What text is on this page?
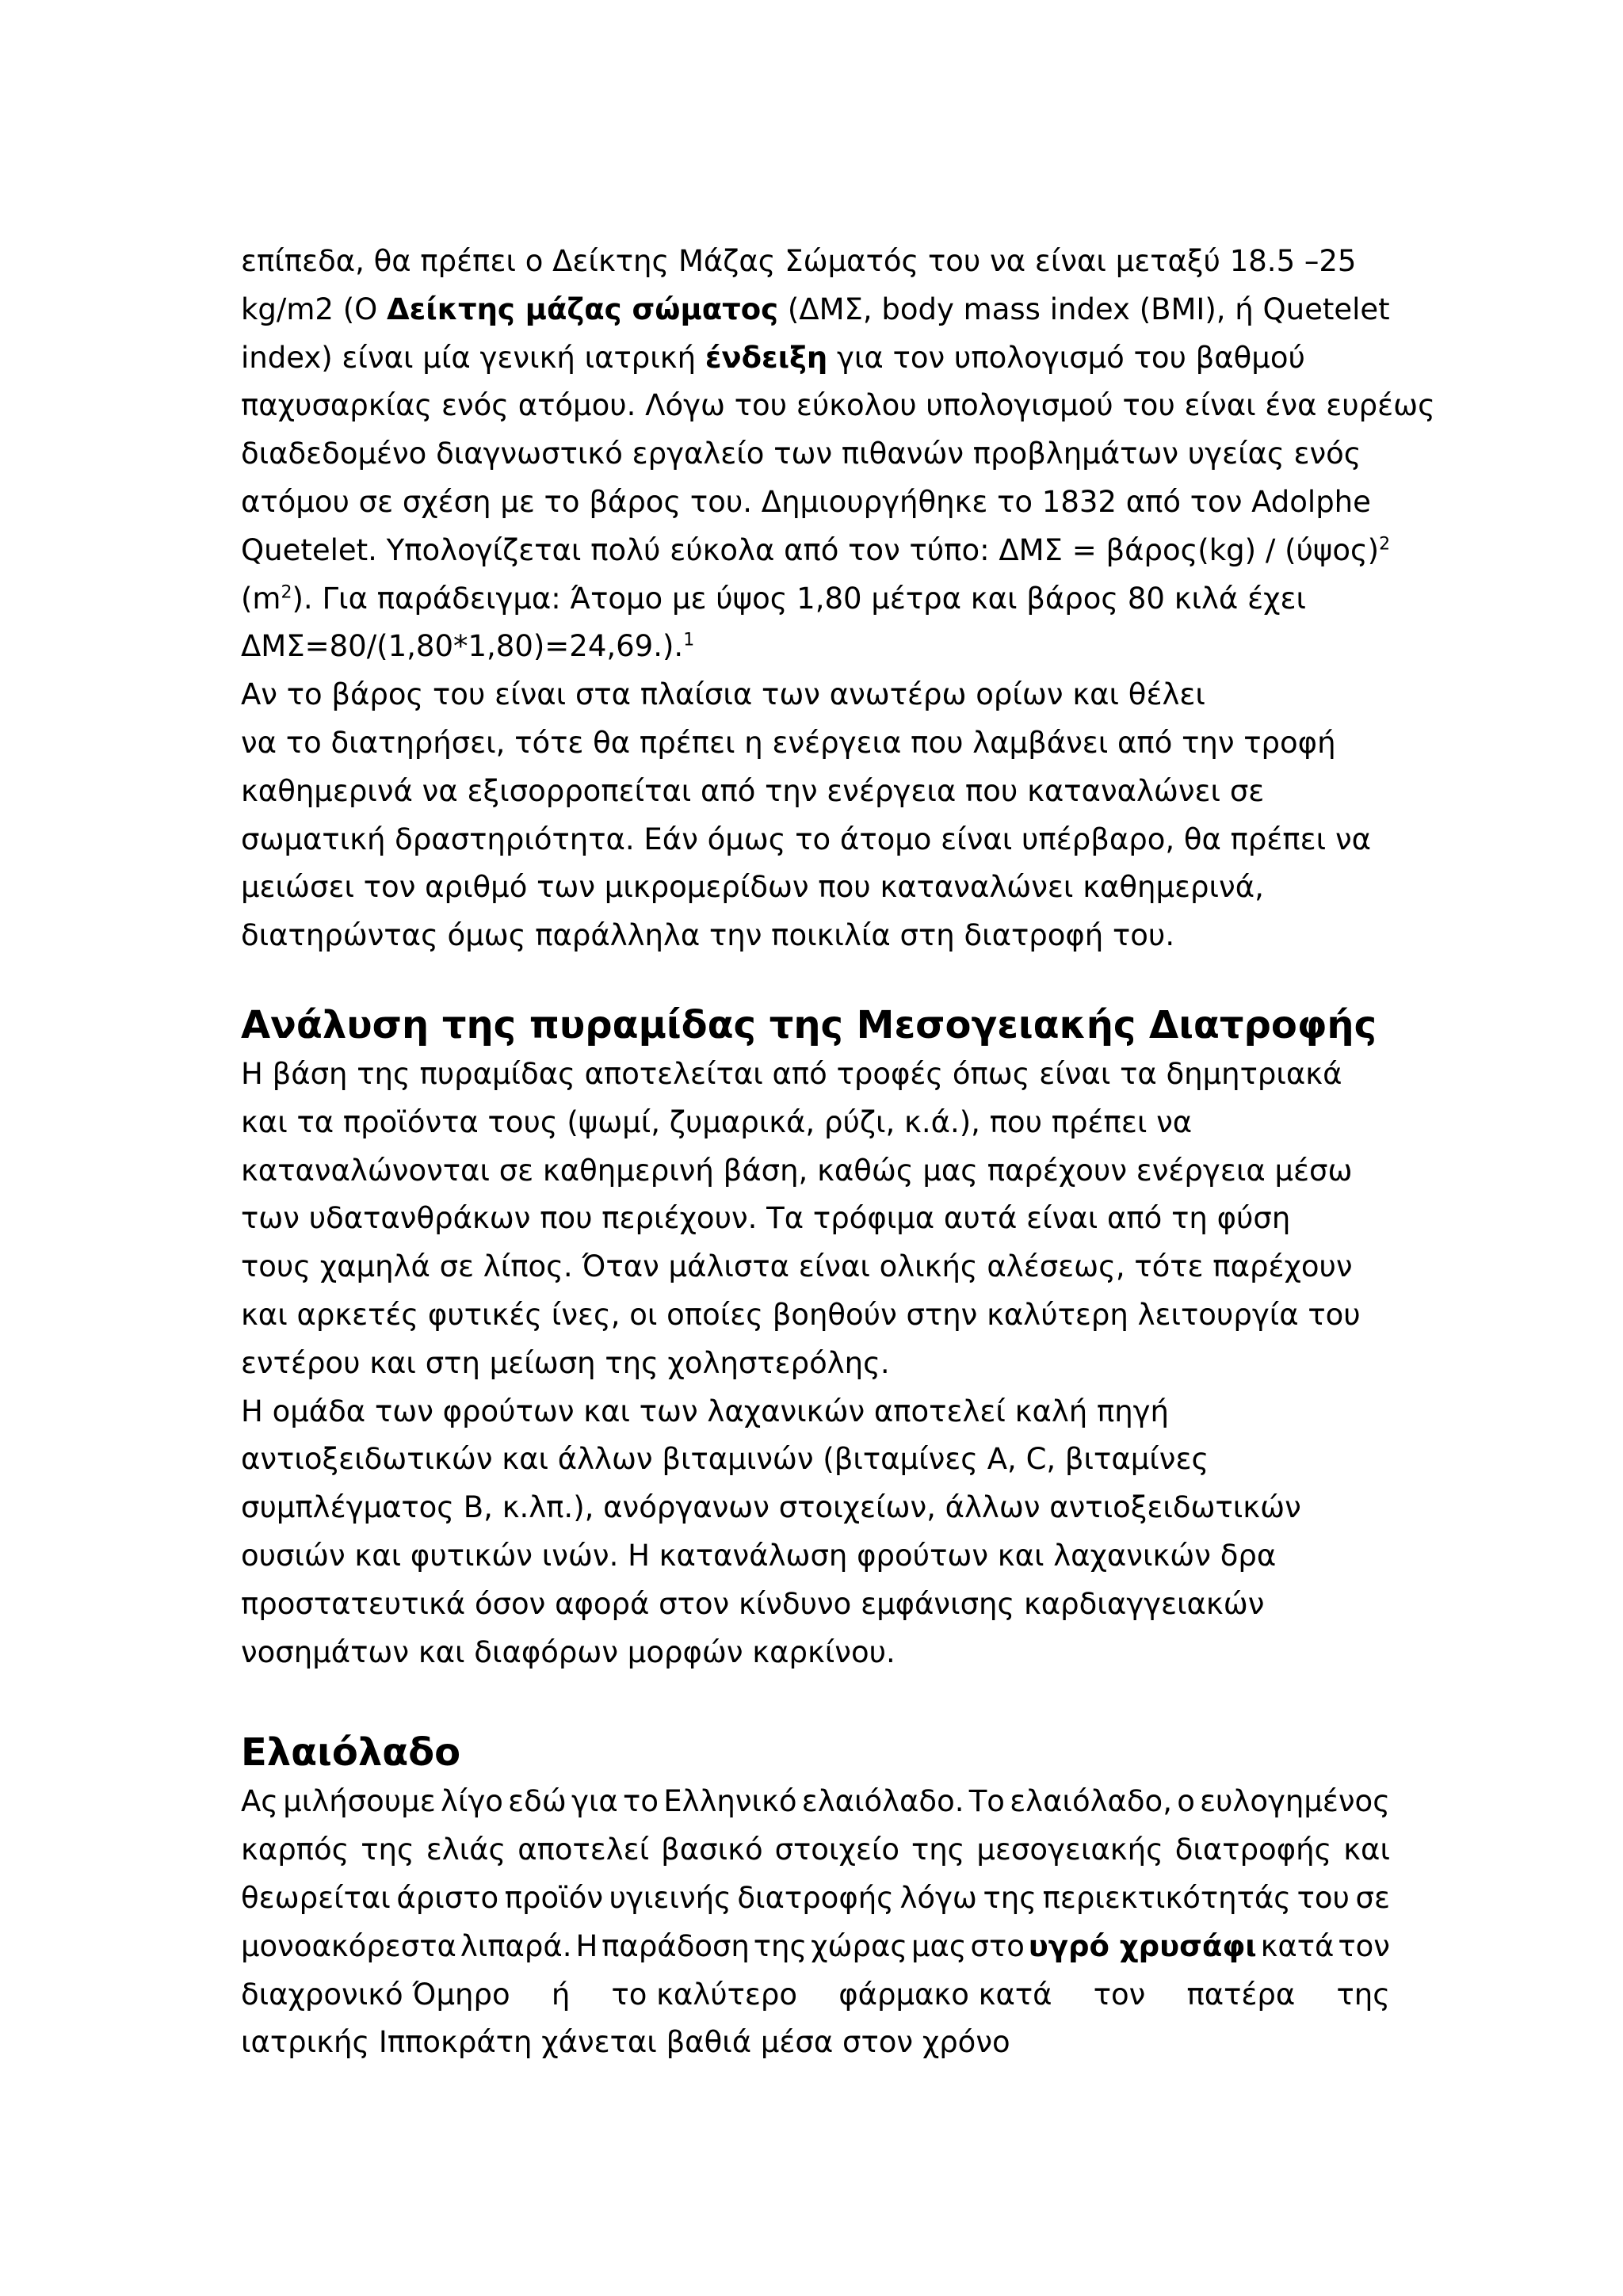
επίπεδα, θα πρέπει ο Δείκτης Μάζας Σώματός του να είναι μεταξύ 18.5 –25
kg/m2 (Ο Δείκτης μάζας σώματος (ΔΜΣ, body mass index (BMI), ή Quetelet
index) είναι μία γενική ιατρική ένδειξη για τον υπολογισμό του βαθμού
παχυσαρκίας ενός ατόμου. Λόγω του εύκολου υπολογισμού του είναι ένα ευρέως
διαδεδομένο διαγνωστικό εργαλείο των πιθανών προβλημάτων υγείας ενός
ατόμου σε σχέση με το βάρος του. Δημιουργήθηκε το 1832 από τον Adolphe
Quetelet. Υπολογίζεται πολύ εύκολα από τον τύπο: $\Delta M\Sigma = \beta ά\rho o\varsigma(kg) / (ύ\psi o\varsigma)^2$
$(m^2)$. Για παράδειγμα: Άτομο με ύψος 1,80 μέτρα και βάρος 80 κιλά έχει
ΔΜΣ=80/(1,80*1,80)=24,69.).$^1$
Αν το βάρος του είναι στα πλαίσια των ανωτέρω ορίων και θέλει
να το διατηρήσει, τότε θα πρέπει η ενέργεια που λαμβάνει από την τροφή
καθημερινά να εξισορροπείται από την ενέργεια που καταναλώνει σε
σωματική δραστηριότητα. Εάν όμως το άτομο είναι υπέρβαρο, θα πρέπει να
μειώσει τον αριθμό των μικρομερίδων που καταναλώνει καθημερινά,
διατηρώντας όμως παράλληλα την ποικιλία στη διατροφή του.
Ανάλυση της πυραμίδας της Μεσογειακής Διατροφής
Η βάση της πυραμίδας αποτελείται από τροφές όπως είναι τα δημητριακά
και τα προϊόντα τους (ψωμί, ζυμαρικά, ρύζι, κ.ά.), που πρέπει να
καταναλώνονται σε καθημερινή βάση, καθώς μας παρέχουν ενέργεια μέσω
των υδατανθράκων που περιέχουν. Τα τρόφιμα αυτά είναι από τη φύση
τους χαμηλά σε λίπος. Όταν μάλιστα είναι ολικής αλέσεως, τότε παρέχουν
και αρκετές φυτικές ίνες, οι οποίες βοηθούν στην καλύτερη λειτουργία του
εντέρου και στη μείωση της χοληστερόλης.
Η ομάδα των φρούτων και των λαχανικών αποτελεί καλή πηγή
αντιοξειδωτικών και άλλων βιταμινών (βιταμίνες A, C, βιταμίνες
συμπλέγματος Β, κ.λπ.), ανόργανων στοιχείων, άλλων αντιοξειδωτικών
ουσιών και φυτικών ινών. Η κατανάλωση φρούτων και λαχανικών δρα
προστατευτικά όσον αφορά στον κίνδυνο εμφάνισης καρδιαγγειακών
νοσημάτων και διαφόρων μορφών καρκίνου.
Ελαιόλαδο
Ας μιλήσουμε λίγο εδώ για το Ελληνικό ελαιόλαδο. Το ελαιόλαδο, ο ευλογημένος
καρπός της ελιάς αποτελεί βασικό στοιχείο της μεσογειακής διατροφής και
θεωρείται άριστο προϊόν υγιεινής διατροφής λόγω της περιεκτικότητάς του σε
μονοακόρεστα λιπαρά. Η παράδοση της χώρας μας στο υγρό χρυσάφι κατά τον
διαχρονικό Όμηρο ή το καλύτερο φάρμακο κατά τον πατέρα της
ιατρικής Ιπποκράτη χάνεται βαθιά μέσα στον χρόνο
